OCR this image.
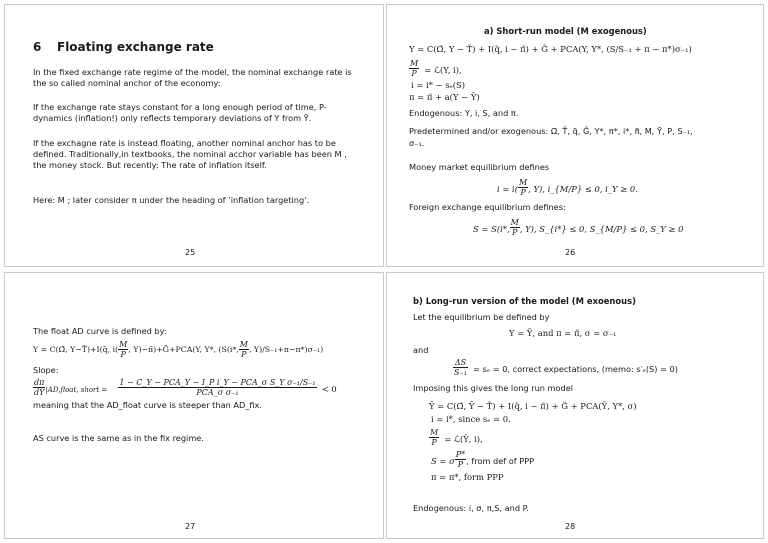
6 Floating exchange rate
In the fixed exchange rate regime of the model, the nominal exchange rate is
the so called nominal anchor of the economy:
If the exchange rate stays constant for a long enough period of time, P-
dynamics (inflation!) only reflects temporary deviations of Y from Ȳ.
If the exchagne rate is instead floating, another nominal anchor has to be
defined. Traditionally,in textbooks, the nominal acchor variable has been M ,
the money stock. But recently: The rate of inflation itself.
Here: M ; later consider π under the heading of ’inflation targeting’.
25
a) Short-run model (M exogenous)
Y = C(Ω̃, Y − T̃) + I(q̃, i − π̃) + G̃ + PCA(Y, Y*, (S/S₋₁ + π − π*)σ₋₁)
$\frac{M}{P}$ = ℒ(Y, i),
i = i* − sₑ(S)
π = π̃ + a(Y − Ȳ)
Endogenous: Y, i, S, and π.
Predetermined and/or exogenous: Ω̃, T̃, q̃, G̃, Y*, π*, i*, π̃, M, Ȳ, P, S₋₁,
σ₋₁.
Money market equilibrium defines
$i = i( \frac{M}{P}$ , Y), i_{M/P} ≤ 0, i_Y ≥ 0.
Foreign exchange equilibrium defines:
S = S(i*, $\frac{M}{P}$ , Y), S_{i*} ≤ 0, S_{M/P} ≤ 0, S_Y ≥ 0
26
The float AD curve is defined by:
Y = C(Ω̃, Y−T̃)+I(q̃, $i( \frac{M}{P}$ , Y)−π̃)+G̃+PCA(Y, Y*, (S(i*, $\frac{M}{P}$ , Y)/S₋₁+π−π*)σ₋₁)
Slope:
$\frac{d\pi}{dY}$ |AD,float, short = $\frac{\text{1 − C\_Y − PCA\_Y − I\_P i\_Y − PCA\_σ S\_Y σ₋₁/S₋₁}}{\text{PCA\_σ σ₋₁}} < 0$
meaning that the AD_float curve is steeper than AD_fix.
AS curve is the same as in the fix regime.
27
b) Long-run version of the model (M exoenous)
Let the equilibrium be defined by
Y = Ȳ, and π = π̃, σ = σ₋₁
and
$\frac{\Delta S}{\text{S₋₁}} = s_e = 0$, correct expectations, (memo: s′ₑ(S) = 0)
Imposing this gives the long run model
Ȳ = C(Ω̃, Ȳ − T̃) + I(q̃, i − π̃) + G̃ + PCA(Ȳ, Y*, σ)
i = i*, since sₑ = 0.
$\frac{M}{P}$ = ℒ(Ȳ, i),
S = σ $\frac{P*}{P}$ , from def of PPP
π = π*, form PPP
Endogenous: i, σ, π,S, and P.
28
